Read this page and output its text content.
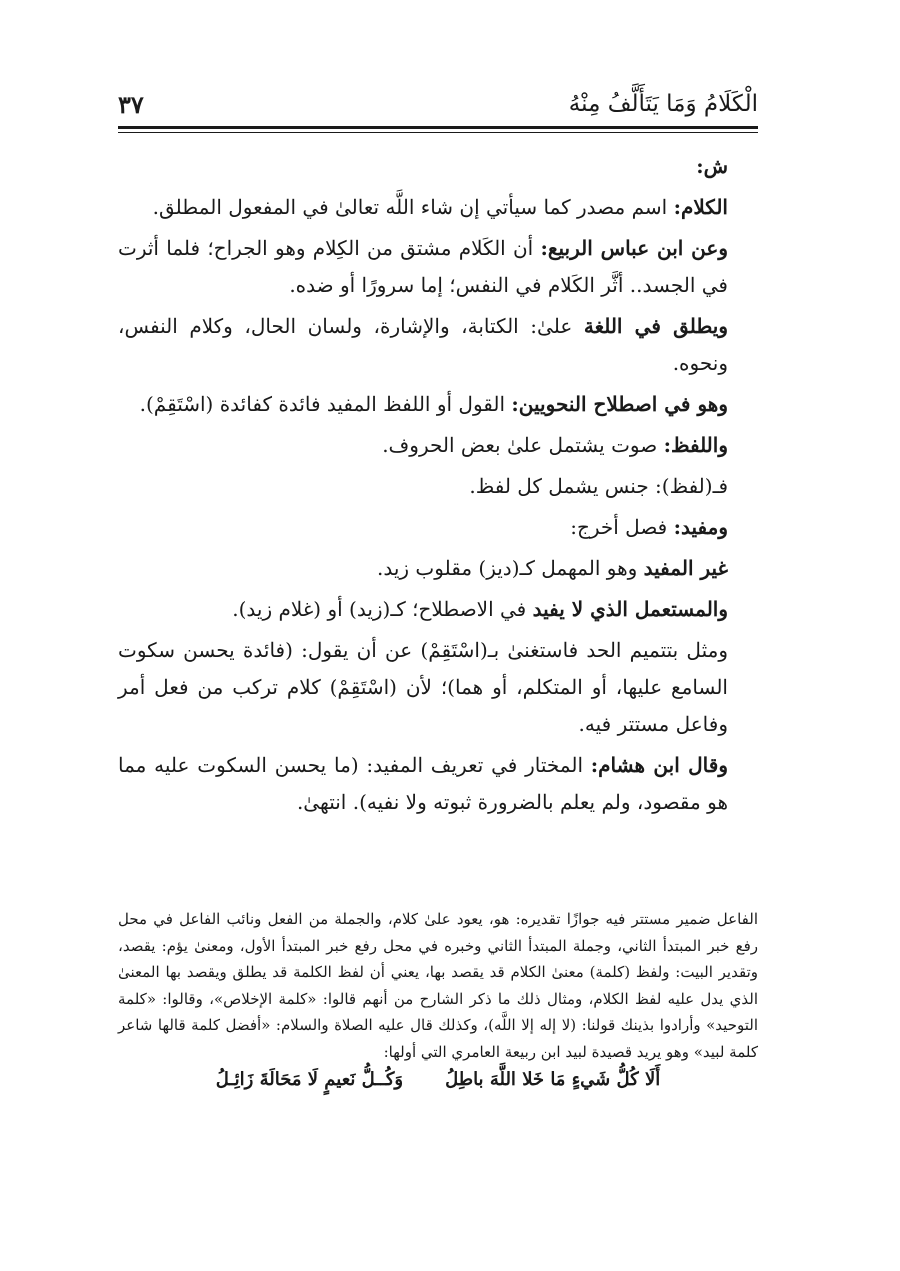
الْكَلَامُ وَمَا يَتَأَلَّفُ مِنْهُ
٣٧

ش:

الكلام: اسم مصدر كما سيأتي إن شاء اللَّه تعالىٰ في المفعول المطلق.

وعن ابن عباس الربيع: أن الكَلام مشتق من الكِلام وهو الجراح؛ فلما أثرت في الجسد.. أثَّر الكَلام في النفس؛ إما سرورًا أو ضده.

ويطلق في اللغة علىٰ: الكتابة، والإشارة، ولسان الحال، وكلام النفس، ونحوه.

وهو في اصطلاح النحويين: القول أو اللفظ المفيد فائدة كفائدة (اسْتَقِمْ).

واللفظ: صوت يشتمل علىٰ بعض الحروف.

فـ(لفظ): جنس يشمل كل لفظ.

ومفيد: فصل أخرج:

غير المفيد وهو المهمل كـ(ديز) مقلوب زيد.

والمستعمل الذي لا يفيد في الاصطلاح؛ كـ(زيد) أو (غلام زيد).

ومثل بتتميم الحد فاستغنىٰ بـ(اسْتَقِمْ) عن أن يقول: (فائدة يحسن سكوت السامع عليها، أو المتكلم، أو هما)؛ لأن (اسْتَقِمْ) كلام تركب من فعل أمر وفاعل مستتر فيه.

وقال ابن هشام: المختار في تعريف المفيد: (ما يحسن السكوت عليه مما هو مقصود، ولم يعلم بالضرورة ثبوته ولا نفيه). انتهىٰ.

الفاعل ضمير مستتر فيه جوازًا تقديره: هو، يعود علىٰ كلام، والجملة من الفعل ونائب الفاعل في محل رفع خبر المبتدأ الثاني، وجملة المبتدأ الثاني وخبره في محل رفع خبر المبتدأ الأول، ومعنىٰ يؤم: يقصد، وتقدير البيت: ولفظ (كلمة) معنىٰ الكلام قد يقصد بها، يعني أن لفظ الكلمة قد يطلق ويقصد بها المعنىٰ الذي يدل عليه لفظ الكلام، ومثال ذلك ما ذكر الشارح من أنهم قالوا: «كلمة الإخلاص»، وقالوا: «كلمة التوحيد» وأرادوا بذينك قولنا: (لا إله إلا اللَّه)، وكذلك قال عليه الصلاة والسلام: «أفضل كلمة قالها شاعر كلمة لبيد» وهو يريد قصيدة لبيد ابن ربيعة العامري التي أولها:

أَلَا كُلُّ شَيءٍ مَا خَلا اللَّهَ باطِلُ
وَكُــلُّ نَعيمٍ لَا مَحَالَةَ زَائِـلُ
